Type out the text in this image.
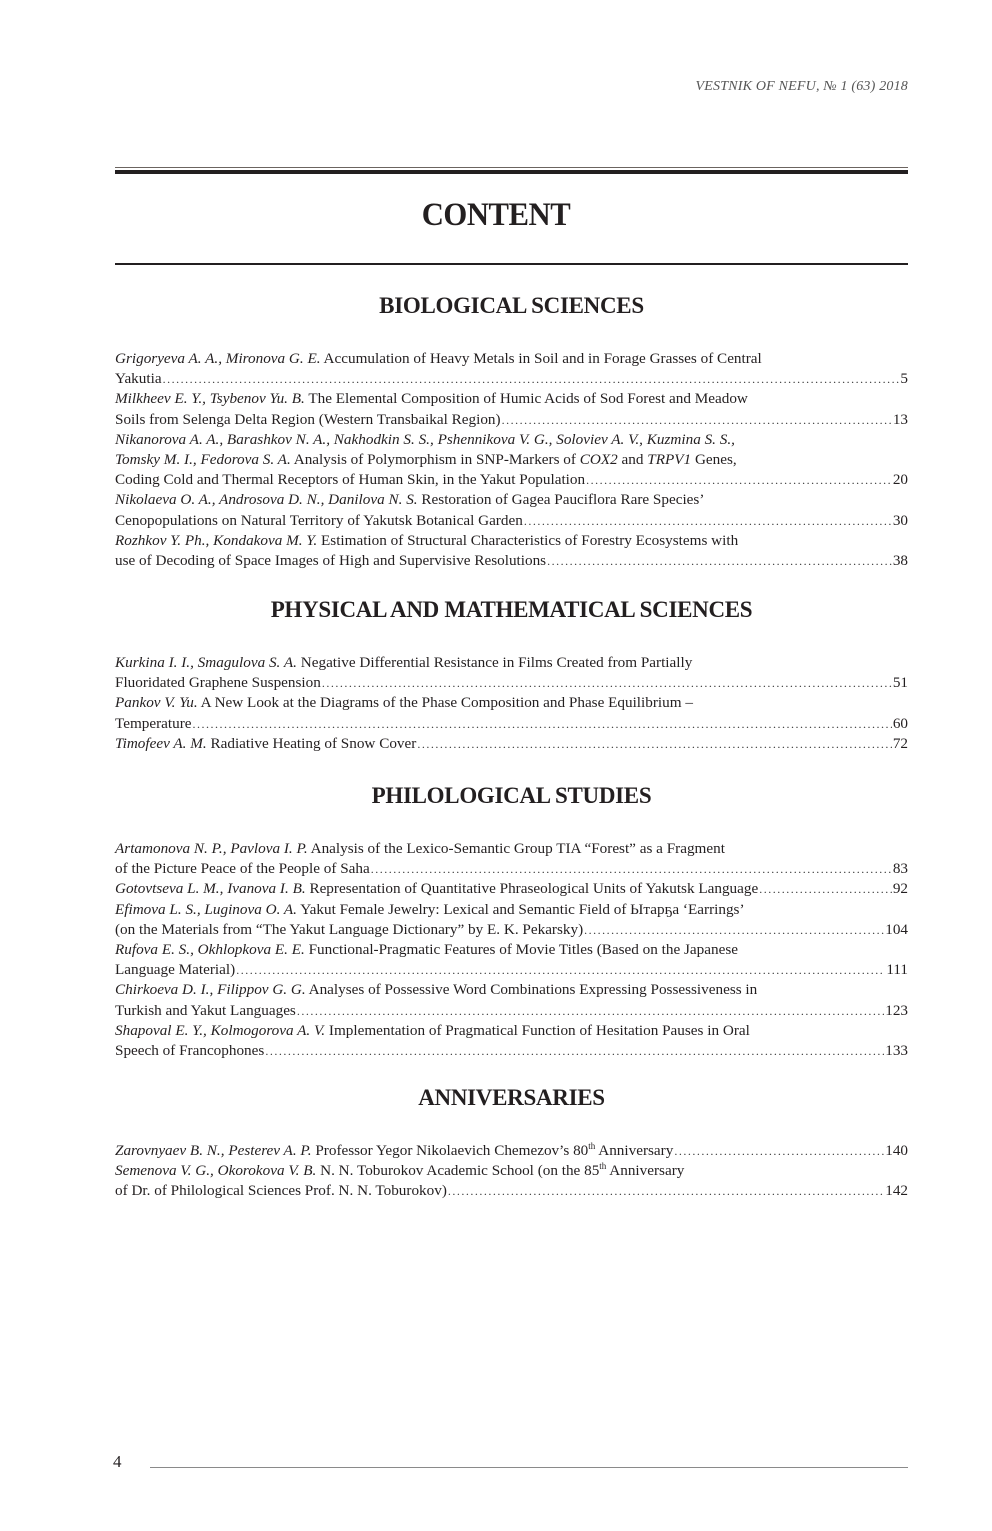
VESTNIK OF NEFU, № 1 (63) 2018
CONTENT
BIOLOGICAL SCIENCES
Grigoryeva A. A., Mironova G. E. Accumulation of Heavy Metals in Soil and in Forage Grasses of Central
Yakutia .....	5
Milkheev E. Y., Tsybenov Yu. B. The Elemental Composition of Humic Acids of Sod Forest and Meadow
Soils from Selenga Delta Region (Western Transbaikal Region) .....	13
Nikanorova A. A., Barashkov N. A., Nakhodkin S. S., Pshennikova V. G., Soloviev A. V., Kuzmina S. S.,
Tomsky M. I., Fedorova S. A. Analysis of Polymorphism in SNP-Markers of COX2 and TRPV1 Genes,
Coding Cold and Thermal Receptors of Human Skin, in the Yakut Population .....	20
Nikolaeva O. A., Androsova D. N., Danilova N. S. Restoration of Gagea Pauciflora Rare Species’
Cenopopulations on Natural Territory of Yakutsk Botanical Garden .....	30
Rozhkov Y. Ph., Kondakova M. Y. Estimation of Structural Characteristics of Forestry Ecosystems with
use of Decoding of Space Images of High and Supervisive Resolutions .....	38
PHYSICAL AND MATHEMATICAL SCIENCES
Kurkina I. I., Smagulova S. A. Negative Differential Resistance in Films Created from Partially
Fluoridated Graphene Suspension .....	51
Pankov V. Yu. A New Look at the Diagrams of the Phase Composition and Phase Equilibrium –
Temperature .....	60
Timofeev A. M. Radiative Heating of Snow Cover .....	72
PHILOLOGICAL STUDIES
Artamonova N. P., Pavlova I. P. Analysis of the Lexico-Semantic Group TIA “Forest” as a Fragment
of the Picture Peace of the People of Saha .....	83
Gotovtseva L. M., Ivanova I. B. Representation of Quantitative Phraseological Units of Yakutsk Language .....	92
Efimova L. S., Luginova O. A. Yakut Female Jewelry: Lexical and Semantic Field of Ытарҕа ‘Earrings’
(on the Materials from “The Yakut Language Dictionary” by E. K. Pekarsky) .....	104
Rufova E. S., Okhlopkova E. E. Functional-Pragmatic Features of Movie Titles (Based on the Japanese
Language Material) .....	111
Chirkoeva D. I., Filippov G. G. Analyses of Possessive Word Combinations Expressing Possessiveness in
Turkish and Yakut Languages .....	123
Shapoval E. Y., Kolmogorova A. V. Implementation of Pragmatical Function of Hesitation Pauses in Oral
Speech of Francophones .....	133
ANNIVERSARIES
Zarovnyaev B. N., Pesterev A. P. Professor Yegor Nikolaevich Chemezov’s 80th Anniversary .....	140
Semenova V. G., Okorokova V. B. N. N. Toburokov Academic School (on the 85th Anniversary
of Dr. of Philological Sciences Prof. N. N. Toburokov) .....	142
4
